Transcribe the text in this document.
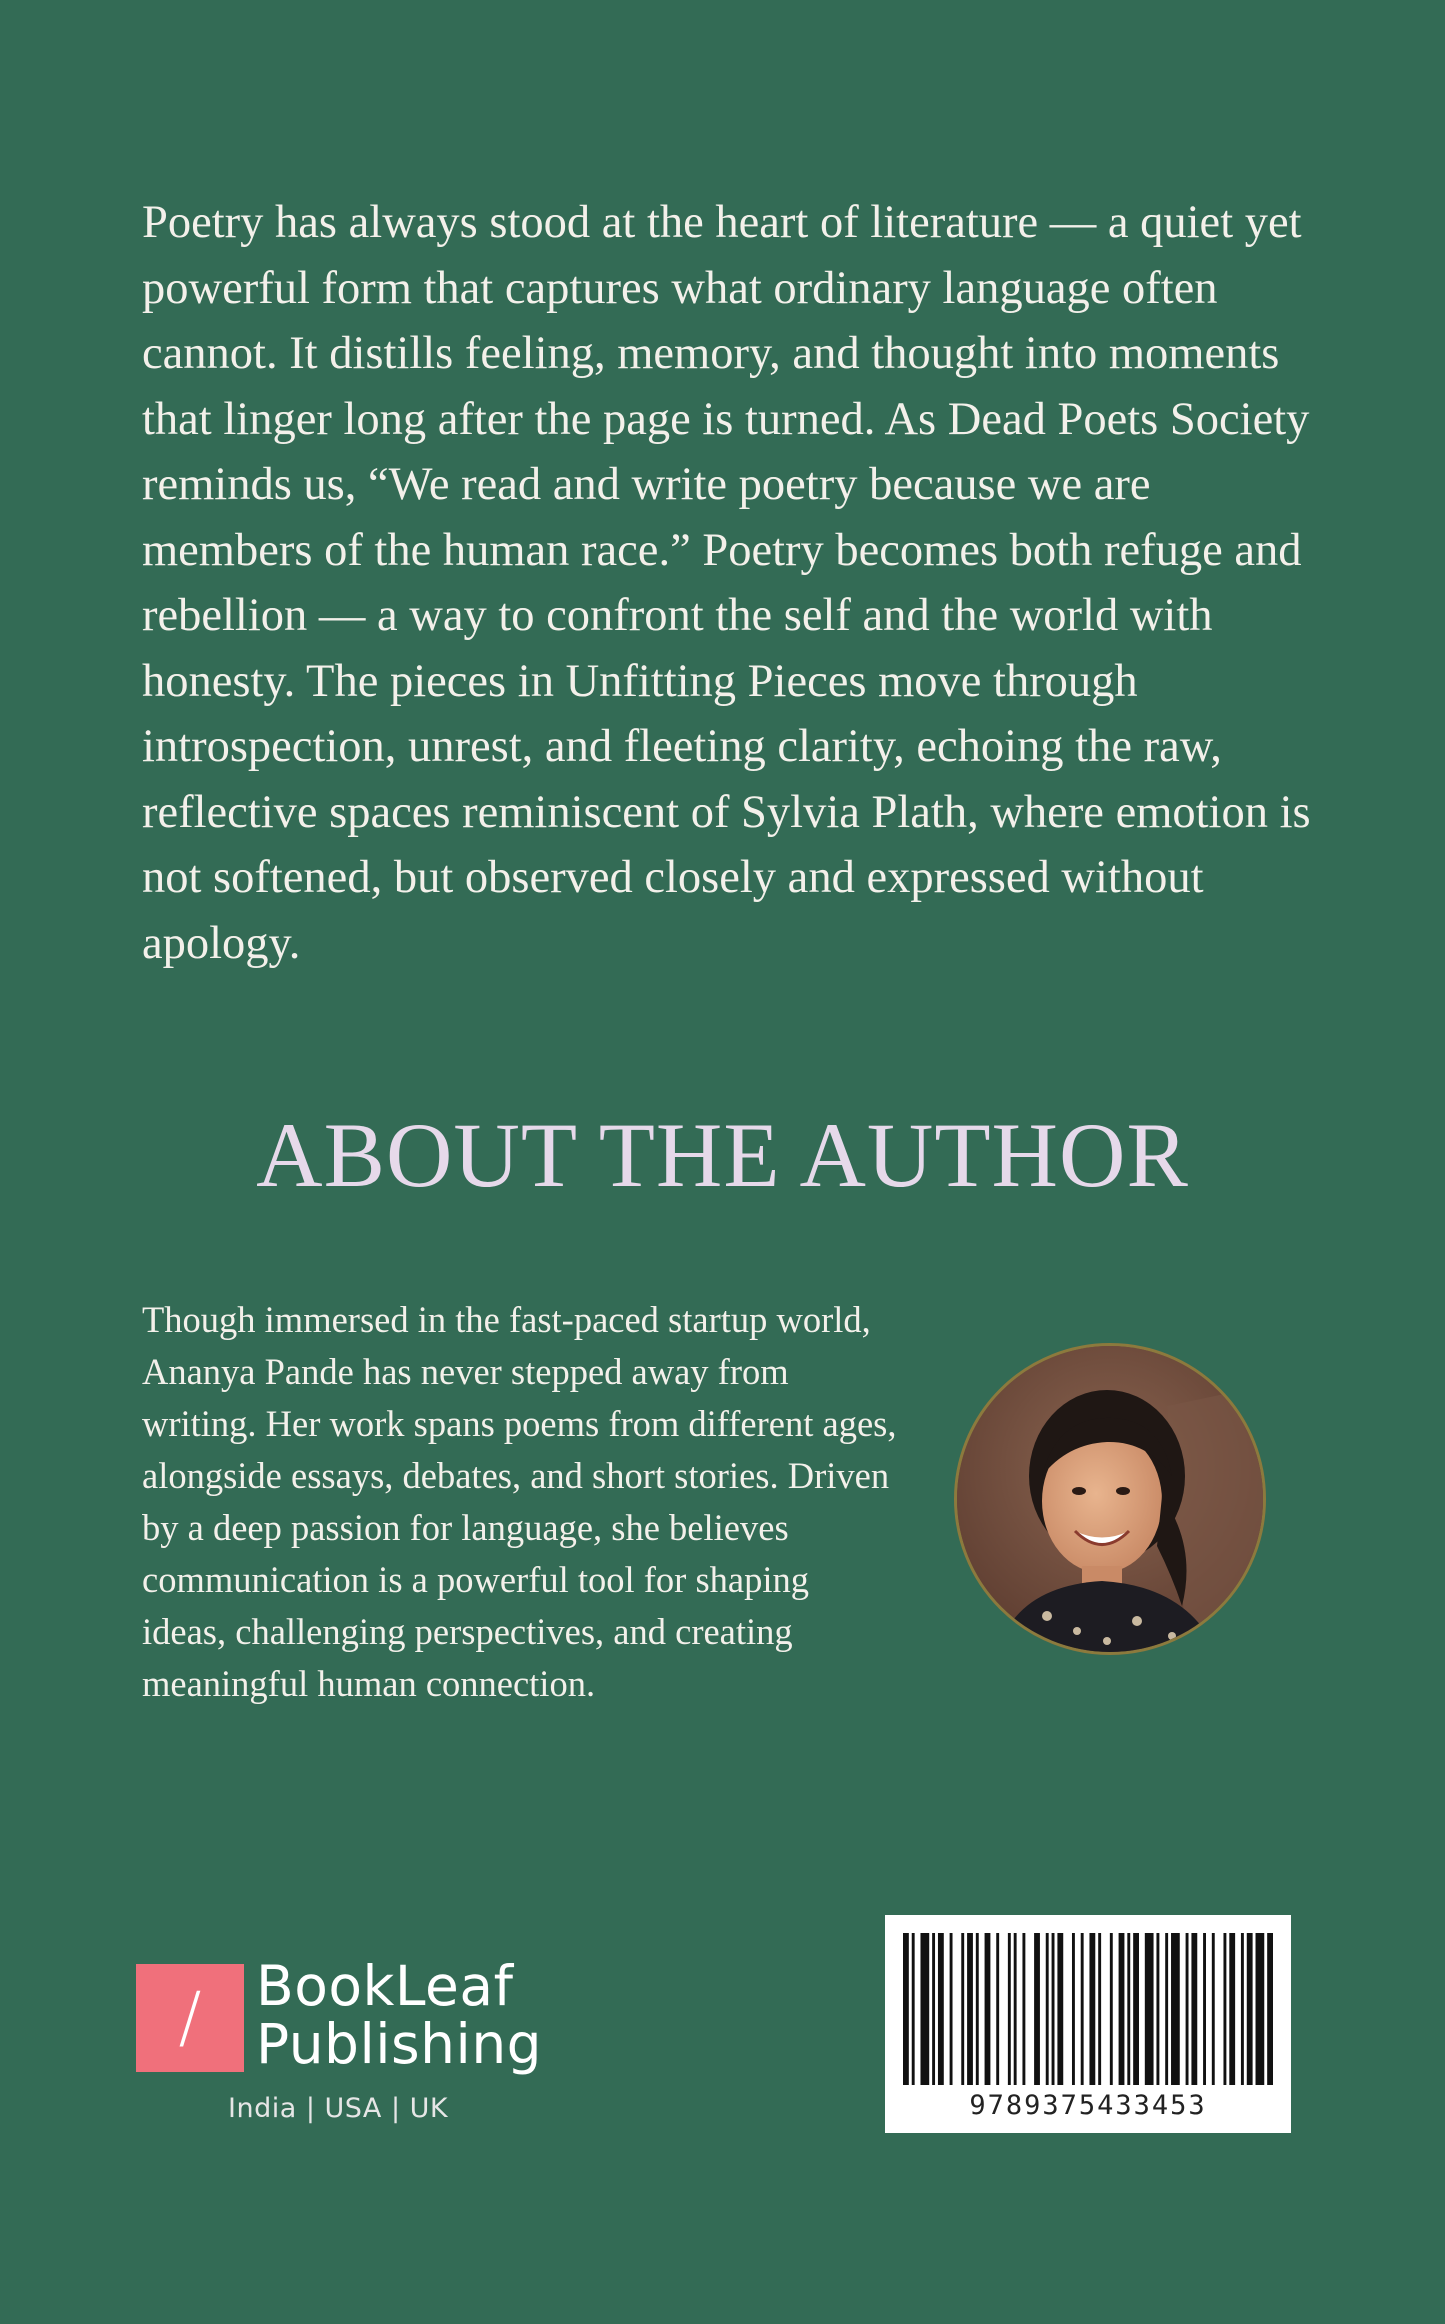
Poetry has always stood at the heart of literature — a quiet yet powerful form that captures what ordinary language often cannot. It distills feeling, memory, and thought into moments that linger long after the page is turned. As Dead Poets Society reminds us, “We read and write poetry because we are members of the human race.” Poetry becomes both refuge and rebellion — a way to confront the self and the world with honesty. The pieces in Unfitting Pieces move through introspection, unrest, and fleeting clarity, echoing the raw, reflective spaces reminiscent of Sylvia Plath, where emotion is not softened, but observed closely and expressed without apology.

ABOUT THE AUTHOR

Though immersed in the fast-paced startup world, Ananya Pande has never stepped away from writing. Her work spans poems from different ages, alongside essays, debates, and short stories. Driven by a deep passion for language, she believes communication is a powerful tool for shaping ideas, challenging perspectives, and creating meaningful human connection.

/ BookLeaf
Publishing
India | USA | UK	9789375433453
